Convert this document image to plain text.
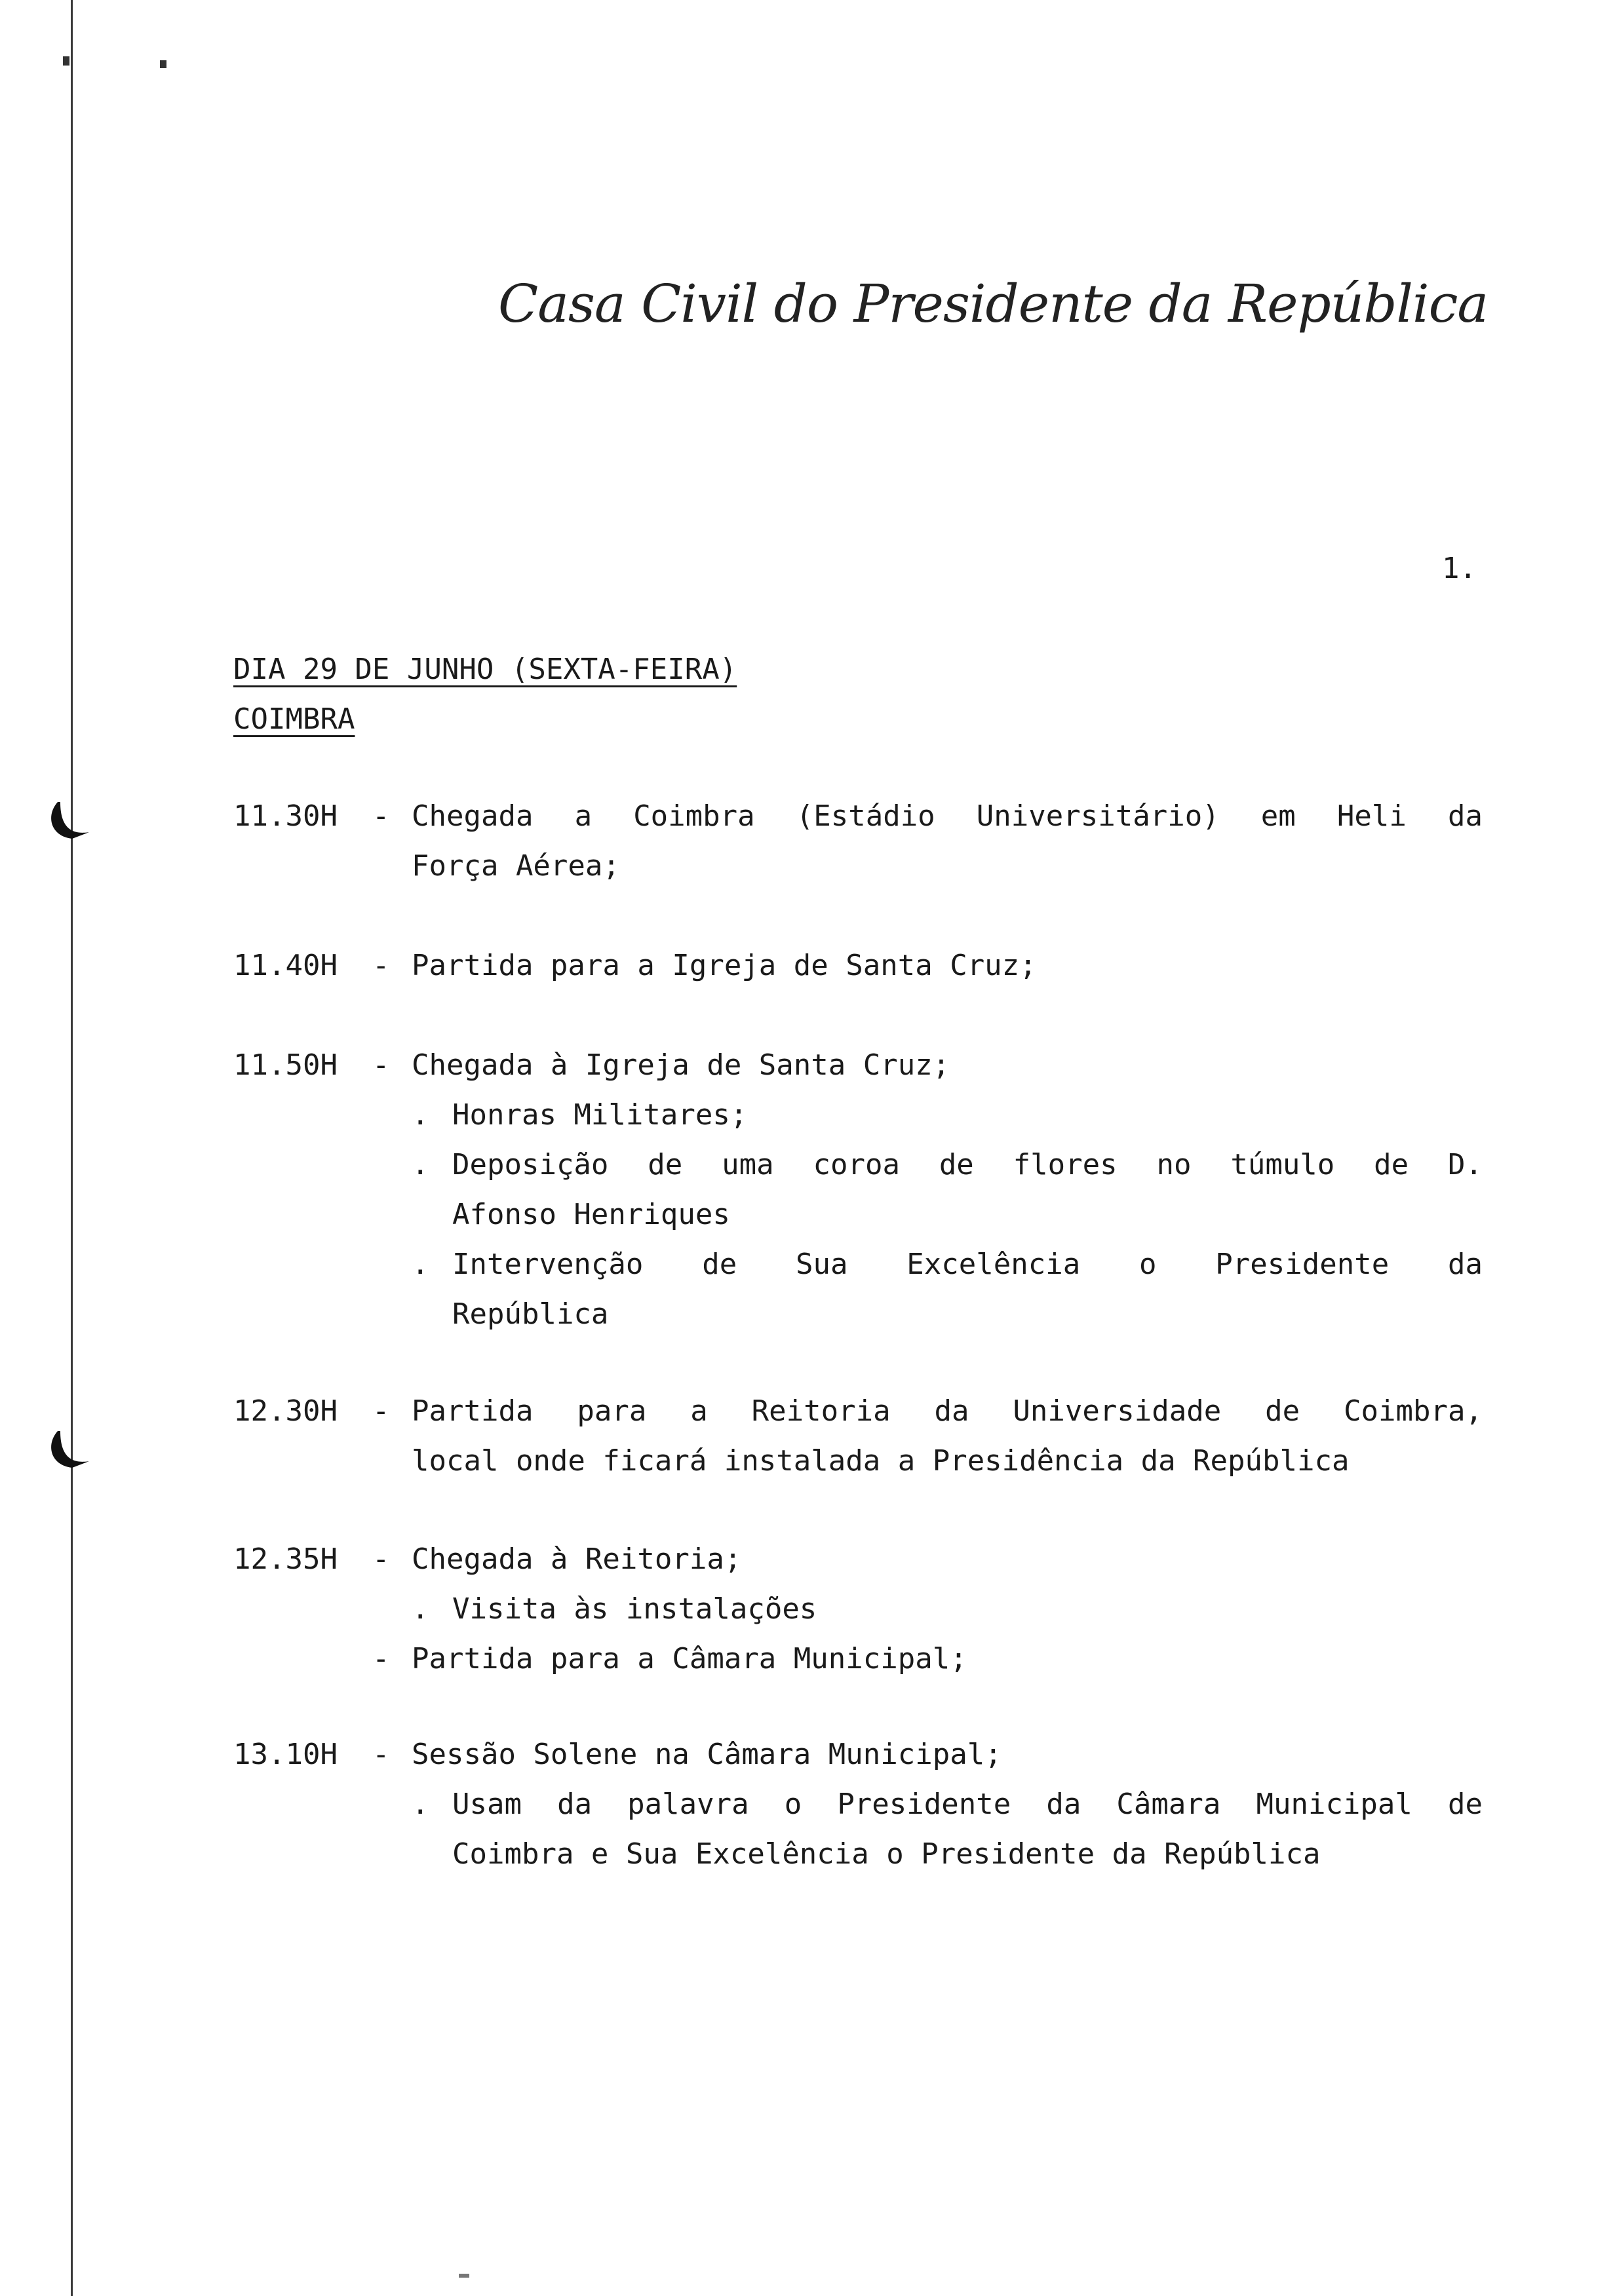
Casa Civil do Presidente da República
1.
DIA 29 DE JUNHO (SEXTA-FEIRA)
COIMBRA
11.30H - Chegada a Coimbra (Estádio Universitário) em Heli da
Força Aérea;
11.40H - Partida para a Igreja de Santa Cruz;
11.50H - Chegada à Igreja de Santa Cruz;
. Honras Militares;
. Deposição de uma coroa de flores no túmulo de D.
Afonso Henriques
. Intervenção de Sua Excelência o Presidente da
República
12.30H - Partida para a Reitoria da Universidade de Coimbra,
local onde ficará instalada a Presidência da República
12.35H - Chegada à Reitoria;
. Visita às instalações
- Partida para a Câmara Municipal;
13.10H - Sessão Solene na Câmara Municipal;
. Usam da palavra o Presidente da Câmara Municipal de
Coimbra e Sua Excelência o Presidente da República
